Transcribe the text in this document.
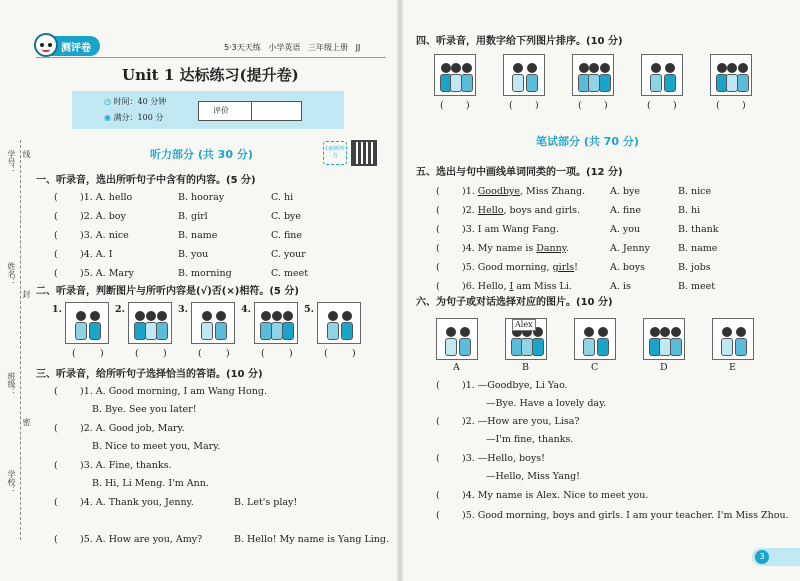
学号： 线
姓名：
封
班级：
密
学校：
测评卷	5·3天天练 小学英语 三年级上册 JJ
Unit 1 达标练习(提升卷)
◷ 时间：40 分钟
◉ 满分：100 分
评价
扫码听听力
听力部分 (共 30 分)
一、听录音，选出所听句子中含有的内容。(5 分)
( )1. A. hello	B. hooray	C. hi
( )2. A. boy	B. girl	C. bye
( )3. A. nice	B. name	C. fine
( )4. A. I	B. you	C. your
( )5. A. Mary	B. morning	C. meet
二、听录音，判断图片与所听内容是(√)否(×)相符。(5 分)
1.
(	)
2.
(	)
3.
(	)
4.
(	)
5.
(	)
三、听录音，给所听句子选择恰当的答语。(10 分)
( )1. A. Good morning, I am Wang Hong.
B. Bye. See you later!
( )2. A. Good job, Mary.
B. Nice to meet you, Mary.
( )3. A. Fine, thanks.
B. Hi, Li Meng. I'm Ann.
( )4. A. Thank you, Jenny.	B. Let's play!
( )5. A. How are you, Amy?	B. Hello! My name is Yang Ling.
四、听录音，用数字给下列图片排序。(10 分)
( )	( )	( )	( )	( )
笔试部分 (共 70 分)
五、选出与句中画线单词同类的一项。(12 分)
( )1. Goodbye, Miss Zhang.	A. bye	B. nice
( )2. Hello, boys and girls.	A. fine	B. hi
( )3. I am Wang Fang.	A. you	B. thank
( )4. My name is Danny.	A. Jenny	B. name
( )5. Good morning, girls!	A. boys	B. jobs
( )6. Hello, I am Miss Li.	A. is	B. meet
六、为句子或对话选择对应的图片。(10 分)
A
Alex
B	C	D	E
( )1. —Goodbye, Li Yao.
—Bye. Have a lovely day.
( )2. —How are you, Lisa?
—I'm fine, thanks.
( )3. —Hello, boys!
—Hello, Miss Yang!
( )4. My name is Alex. Nice to meet you.
( )5. Good morning, boys and girls. I am your teacher. I'm Miss Zhou.
3
